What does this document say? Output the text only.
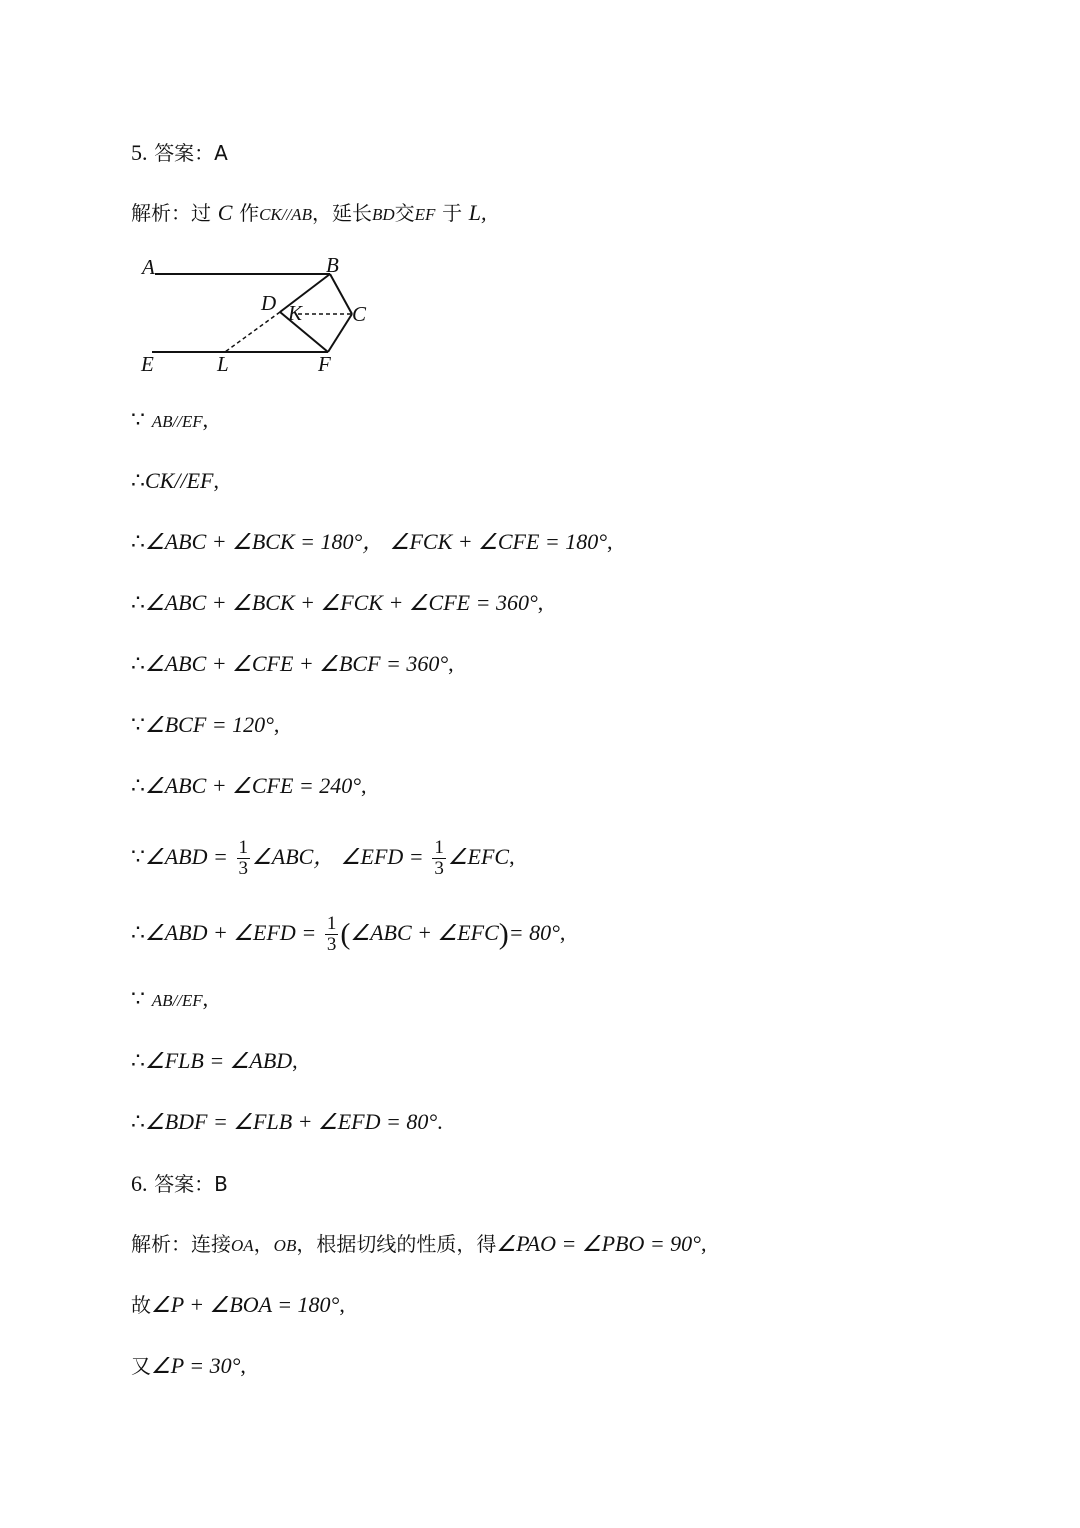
5. 答案：A
解析：过 C 作CK//AB，延长BD交EF 于 L,
A	B
D K C
E	L	F
∵ AB//EF,
∴CK//EF,
∴∠ABC + ∠BCK = 180°， ∠FCK + ∠CFE = 180°,
∴∠ABC + ∠BCK + ∠FCK + ∠CFE = 360°,
∴∠ABC + ∠CFE + ∠BCF = 360°,
∵∠BCF = 120°,
∴∠ABC + ∠CFE = 240°,
∵∠ABD = $\frac{1}{3}$ ∠ABC， ∠EFD = $\frac{1}{3}$ ∠EFC,
∴∠ABD + ∠EFD = $\frac{1}{3}$ (∠ABC + ∠EFC)= 80°,
∵ AB//EF,
∴∠FLB = ∠ABD,
∴∠BDF = ∠FLB + ∠EFD = 80°.
6. 答案：B
解析：连接OA，OB，根据切线的性质，得∠PAO = ∠PBO = 90°,
故∠P + ∠BOA = 180°,
又∠P = 30°,
